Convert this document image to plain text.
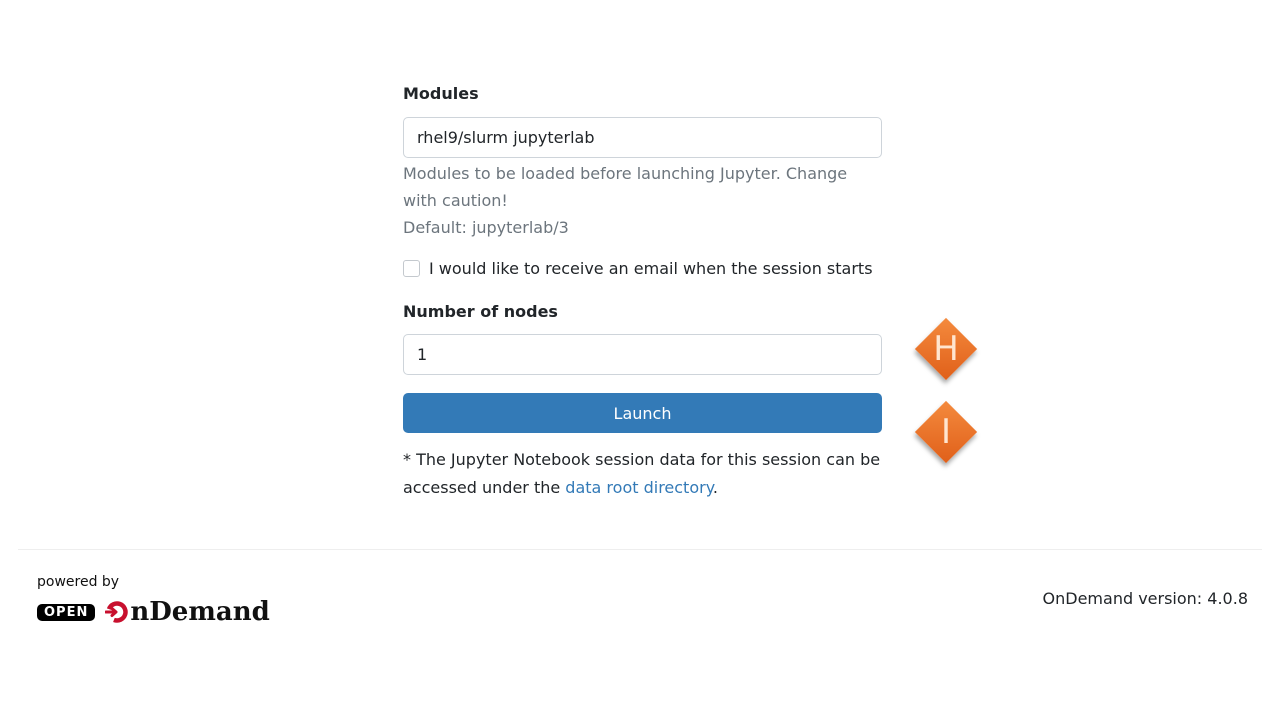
Modules
rhel9/slurm jupyterlab
Modules to be loaded before launching Jupyter. Change with caution!
Default: jupyterlab/3
I would like to receive an email when the session starts
Number of nodes
1
Launch
* The Jupyter Notebook session data for this session can be accessed under the data root directory.
H
I
powered by
OPEN nDemand	OnDemand version: 4.0.8
